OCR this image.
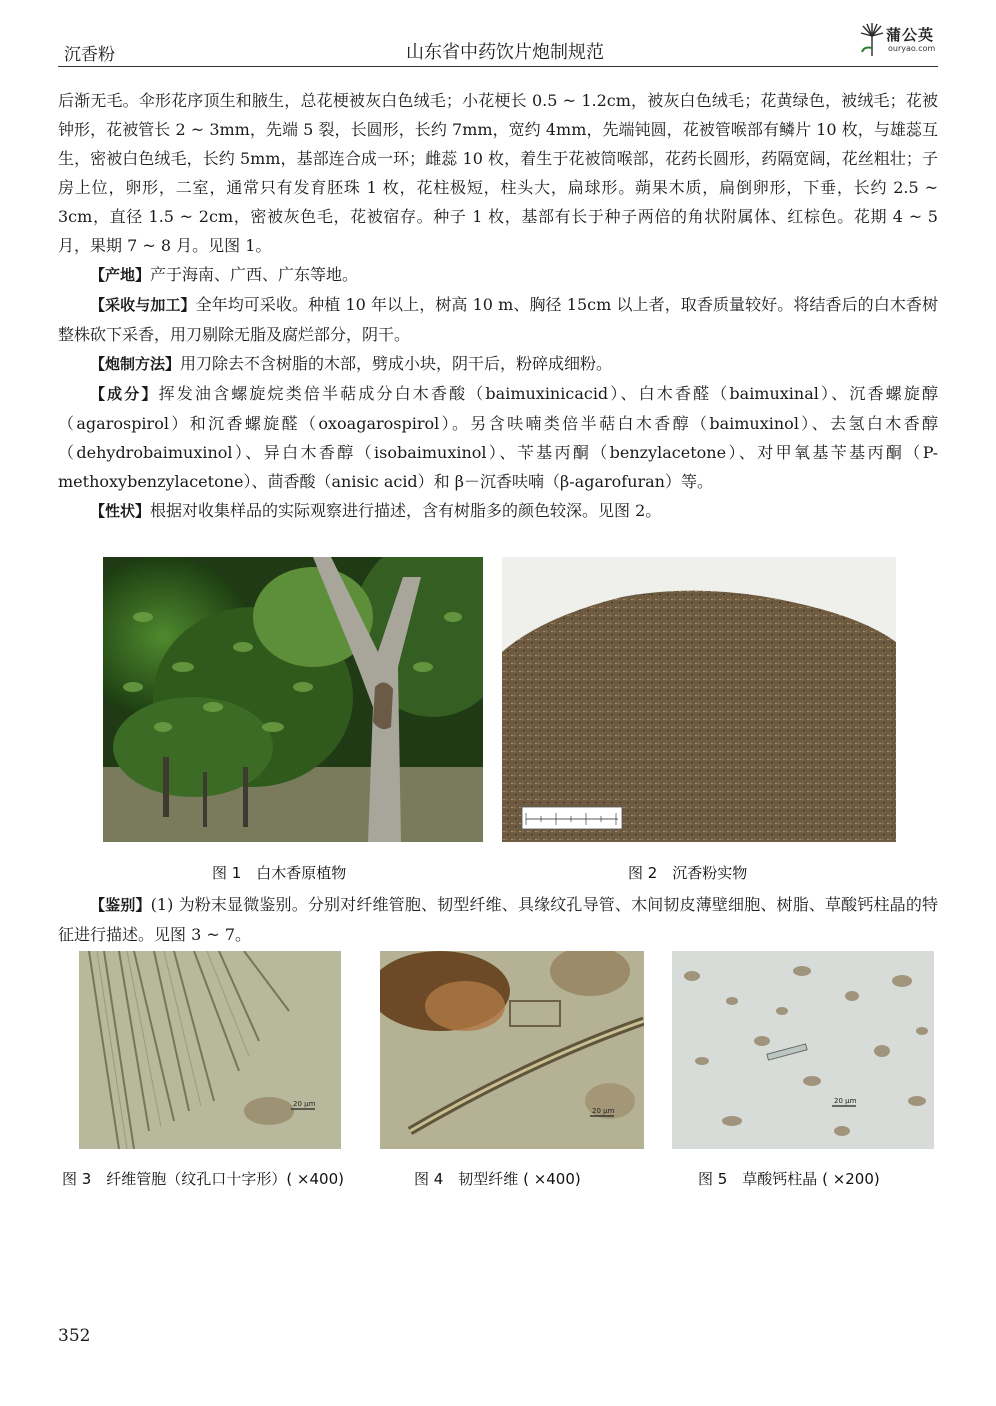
沉香粉	山东省中药饮片炮制规范
蒲公英
ouryao.com

后渐无毛。伞形花序顶生和腋生，总花梗被灰白色绒毛；小花梗长 0.5 ~ 1.2cm，被灰白色绒毛；花黄绿色，被绒毛；花被钟形，花被管长 2 ~ 3mm，先端 5 裂，长圆形，长约 7mm，宽约 4mm，先端钝圆，花被管喉部有鳞片 10 枚，与雄蕊互生，密被白色绒毛，长约 5mm，基部连合成一环；雌蕊 10 枚，着生于花被筒喉部，花药长圆形，药隔宽阔，花丝粗壮；子房上位，卵形，二室，通常只有发育胚珠 1 枚，花柱极短，柱头大，扁球形。蒴果木质，扁倒卵形，下垂，长约 2.5 ~ 3cm，直径 1.5 ~ 2cm，密被灰色毛，花被宿存。种子 1 枚，基部有长于种子两倍的角状附属体、红棕色。花期 4 ~ 5 月，果期 7 ~ 8 月。见图 1。

【产地】产于海南、广西、广东等地。

【采收与加工】全年均可采收。种植 10 年以上，树高 10 m、胸径 15cm 以上者，取香质量较好。将结香后的白木香树整株砍下采香，用刀剔除无脂及腐烂部分，阴干。

【炮制方法】用刀除去不含树脂的木部，劈成小块，阴干后，粉碎成细粉。

【成分】挥发油含螺旋烷类倍半萜成分白木香酸（baimuxinicacid）、白木香醛（baimuxinal）、沉香螺旋醇（agarospirol）和沉香螺旋醛（oxoagarospirol）。另含呋喃类倍半萜白木香醇（baimuxinol）、去氢白木香醇（dehydrobaimuxinol）、异白木香醇（isobaimuxinol）、苄基丙酮（benzylacetone）、对甲氧基苄基丙酮（P-methoxybenzylacetone）、茴香酸（anisic acid）和 β－沉香呋喃（β-agarofuran）等。

【性状】根据对收集样品的实际观察进行描述，含有树脂多的颜色较深。见图 2。

图 1　白木香原植物	图 2　沉香粉实物

【鉴别】(1) 为粉末显微鉴别。分别对纤维管胞、韧型纤维、具缘纹孔导管、木间韧皮薄壁细胞、树脂、草酸钙柱晶的特征进行描述。见图 3 ~ 7。

20 μm
20 μm
20 μm
图 3　纤维管胞（纹孔口十字形）( ×400)	图 4　韧型纤维 ( ×400)	图 5　草酸钙柱晶 ( ×200)
352
